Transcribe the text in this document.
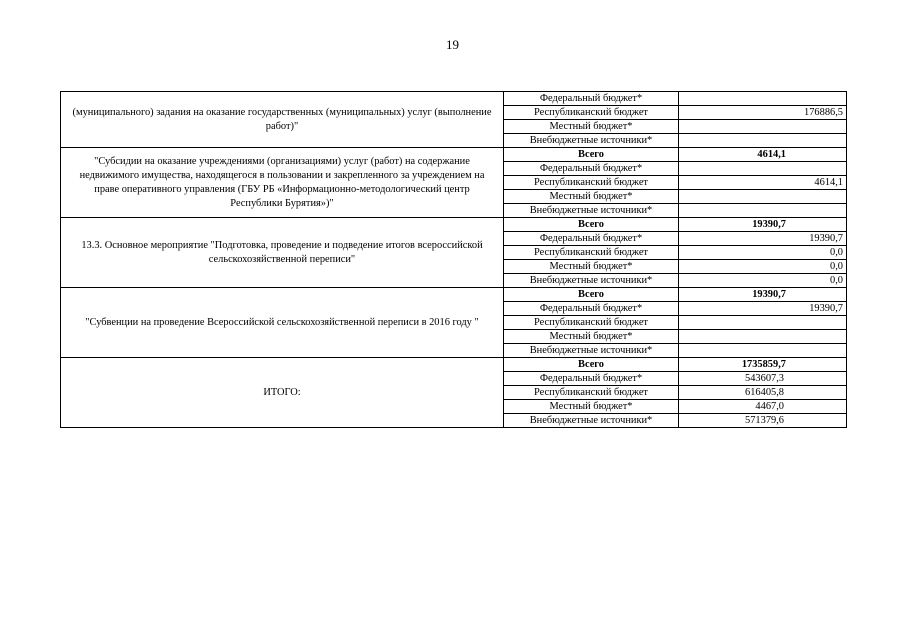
19
(муниципального) задания на оказание государственных (муниципальных) услуг (выполнение работ)"	Федеральный бюджет*	
	Республиканский бюджет	176886,5
	Местный бюджет*	
	Внебюджетные источники*	
"Субсидии на оказание учреждениями (организациями) услуг (работ) на содержание недвижимого имущества, находящегося в пользовании и закрепленного за учреждением на праве оперативного управления (ГБУ РБ «Информационно-методологический центр Республики Бурятия»)"	Всего	4614,1
	Федеральный бюджет*	
	Республиканский бюджет	4614,1
	Местный бюджет*	
	Внебюджетные источники*	
13.3. Основное мероприятие "Подготовка, проведение и подведение итогов всероссийской сельскохозяйственной переписи"	Всего	19390,7
	Федеральный бюджет*	19390,7
	Республиканский бюджет	0,0
	Местный бюджет*	0,0
	Внебюджетные источники*	0,0
"Субвенции на проведение Всероссийской сельскохозяйственной переписи в 2016 году "	Всего	19390,7
	Федеральный бюджет*	19390,7
	Республиканский бюджет	
	Местный бюджет*	
	Внебюджетные источники*	
ИТОГО:	Всего	1735859,7
	Федеральный бюджет*	543607,3
	Республиканский бюджет	616405,8
	Местный бюджет*	4467,0
	Внебюджетные источники*	571379,6
